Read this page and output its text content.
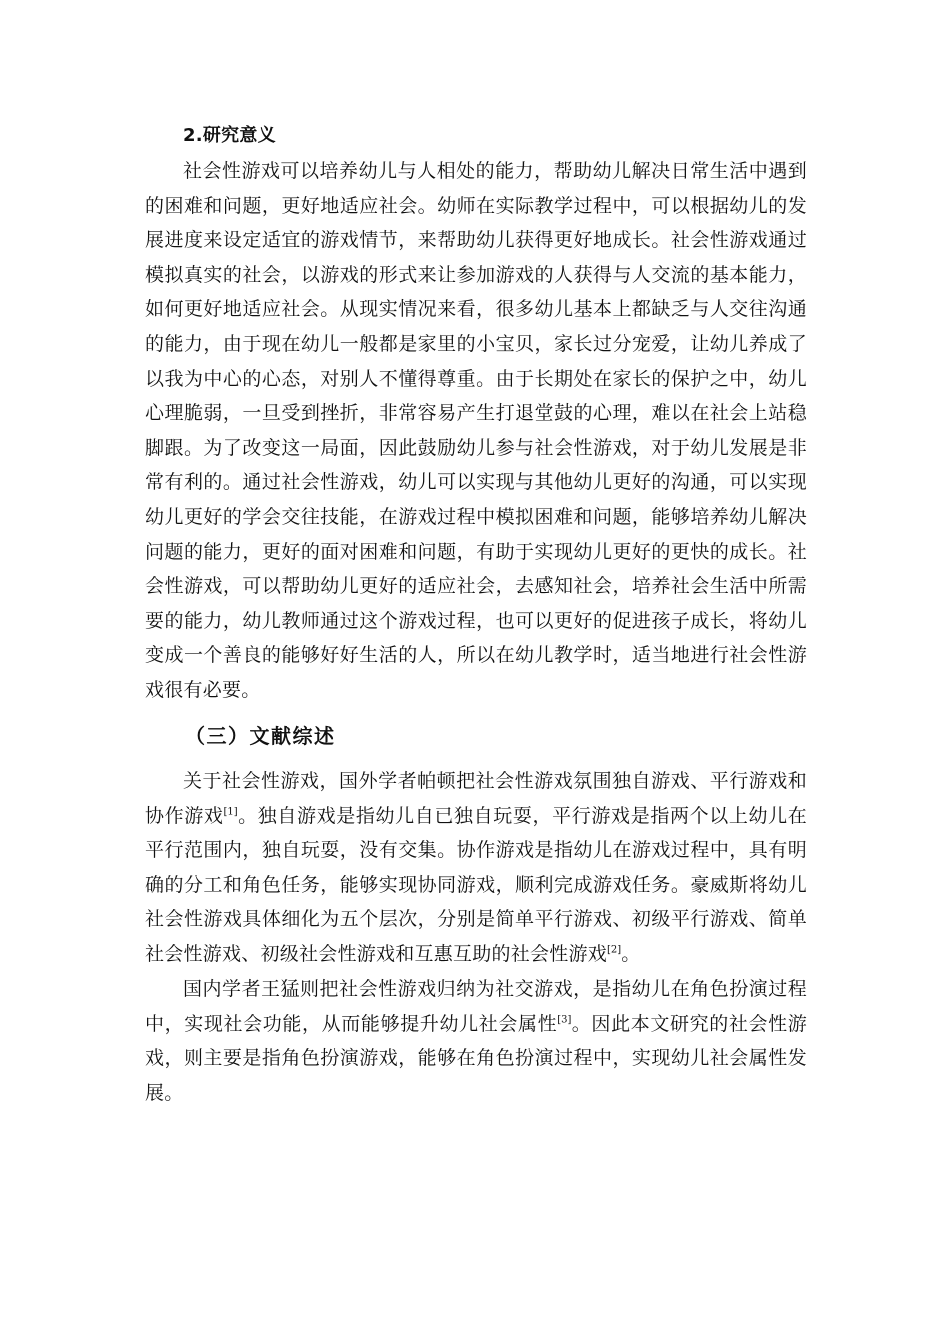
2.研究意义
社会性游戏可以培养幼儿与人相处的能力，帮助幼儿解决日常生活中遇到
的困难和问题，更好地适应社会。幼师在实际教学过程中，可以根据幼儿的发
展进度来设定适宜的游戏情节，来帮助幼儿获得更好地成长。社会性游戏通过
模拟真实的社会，以游戏的形式来让参加游戏的人获得与人交流的基本能力，
如何更好地适应社会。从现实情况来看，很多幼儿基本上都缺乏与人交往沟通
的能力，由于现在幼儿一般都是家里的小宝贝，家长过分宠爱，让幼儿养成了
以我为中心的心态，对别人不懂得尊重。由于长期处在家长的保护之中，幼儿
心理脆弱，一旦受到挫折，非常容易产生打退堂鼓的心理，难以在社会上站稳
脚跟。为了改变这一局面，因此鼓励幼儿参与社会性游戏，对于幼儿发展是非
常有利的。通过社会性游戏，幼儿可以实现与其他幼儿更好的沟通，可以实现
幼儿更好的学会交往技能，在游戏过程中模拟困难和问题，能够培养幼儿解决
问题的能力，更好的面对困难和问题，有助于实现幼儿更好的更快的成长。社
会性游戏，可以帮助幼儿更好的适应社会，去感知社会，培养社会生活中所需
要的能力，幼儿教师通过这个游戏过程，也可以更好的促进孩子成长，将幼儿
变成一个善良的能够好好生活的人，所以在幼儿教学时，适当地进行社会性游
戏很有必要。
（三）文献综述
关于社会性游戏，国外学者帕顿把社会性游戏氛围独自游戏、平行游戏和
协作游戏[1]。独自游戏是指幼儿自已独自玩耍，平行游戏是指两个以上幼儿在
平行范围内，独自玩耍，没有交集。协作游戏是指幼儿在游戏过程中，具有明
确的分工和角色任务，能够实现协同游戏，顺利完成游戏任务。豪威斯将幼儿
社会性游戏具体细化为五个层次，分别是简单平行游戏、初级平行游戏、简单
社会性游戏、初级社会性游戏和互惠互助的社会性游戏[2]。
国内学者王猛则把社会性游戏归纳为社交游戏，是指幼儿在角色扮演过程
中，实现社会功能，从而能够提升幼儿社会属性[3]。因此本文研究的社会性游
戏，则主要是指角色扮演游戏，能够在角色扮演过程中，实现幼儿社会属性发
展。
